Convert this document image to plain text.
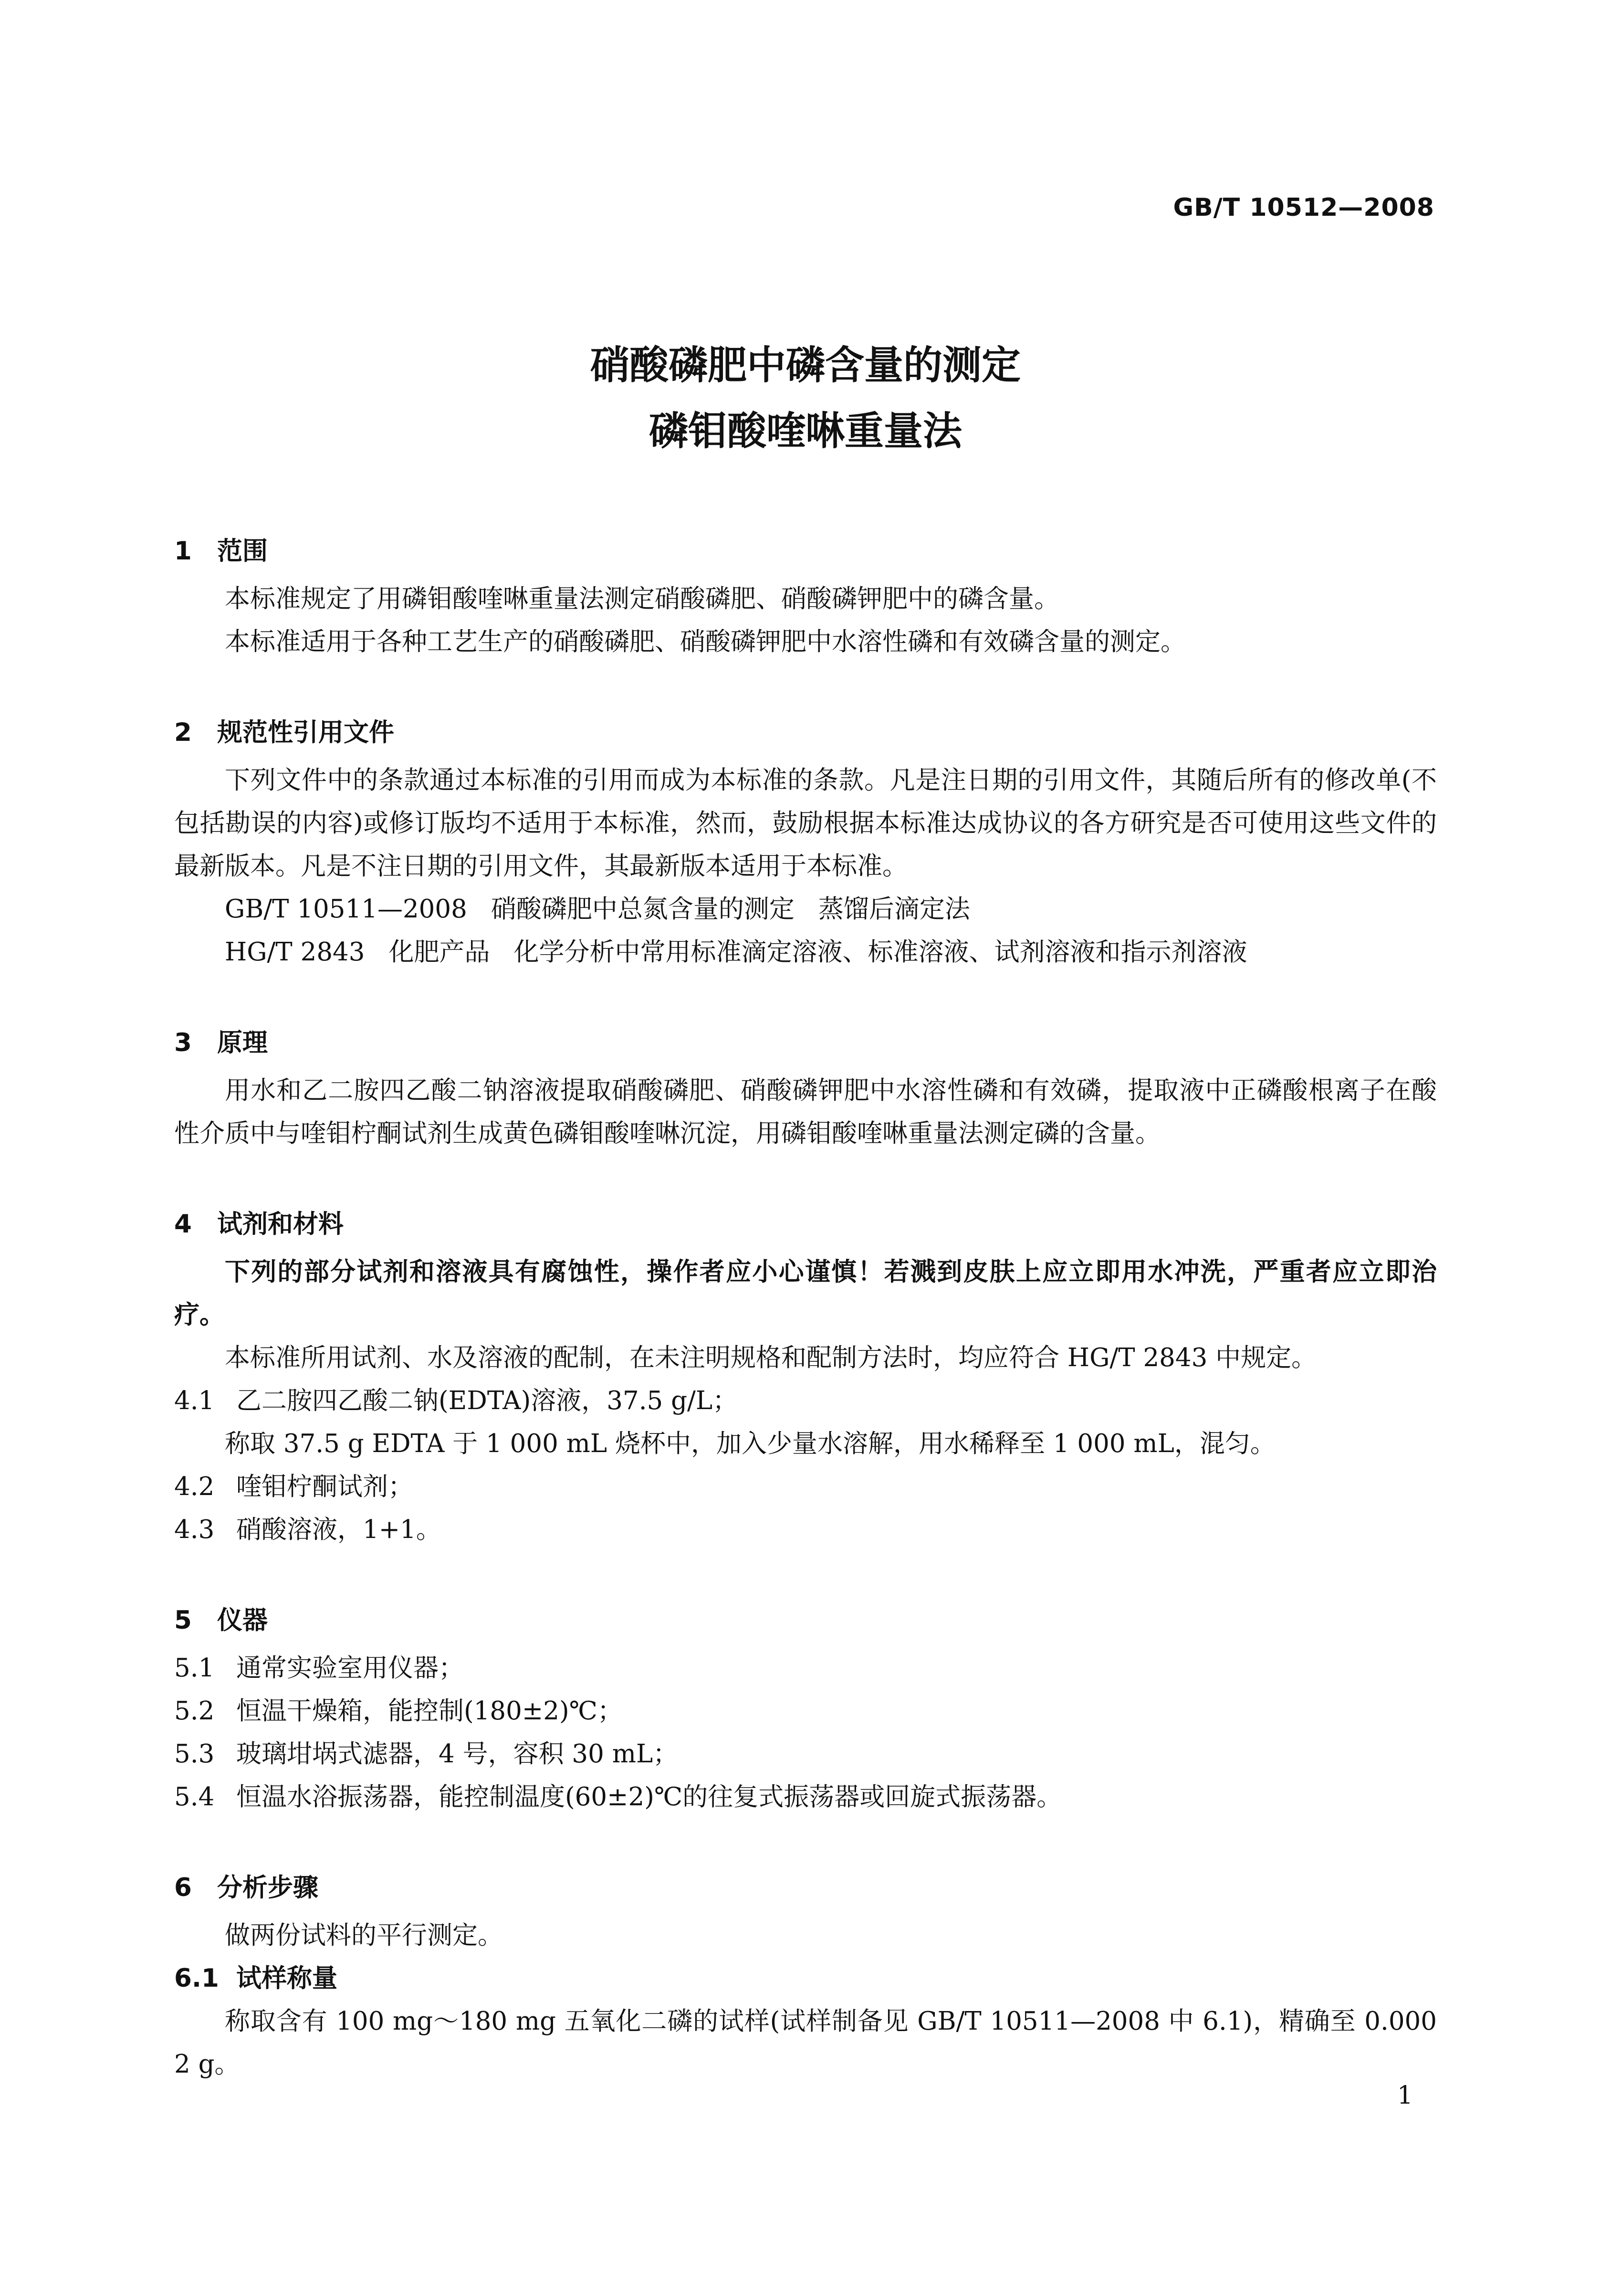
GB/T 10512—2008
硝酸磷肥中磷含量的测定
磷钼酸喹啉重量法
1 范围

本标准规定了用磷钼酸喹啉重量法测定硝酸磷肥、硝酸磷钾肥中的磷含量。

本标准适用于各种工艺生产的硝酸磷肥、硝酸磷钾肥中水溶性磷和有效磷含量的测定。

2 规范性引用文件

下列文件中的条款通过本标准的引用而成为本标准的条款。凡是注日期的引用文件，其随后所有的修改单(不包括勘误的内容)或修订版均不适用于本标准，然而，鼓励根据本标准达成协议的各方研究是否可使用这些文件的最新版本。凡是不注日期的引用文件，其最新版本适用于本标准。

GB/T 10511—2008 硝酸磷肥中总氮含量的测定 蒸馏后滴定法

HG/T 2843 化肥产品 化学分析中常用标准滴定溶液、标准溶液、试剂溶液和指示剂溶液

3 原理

用水和乙二胺四乙酸二钠溶液提取硝酸磷肥、硝酸磷钾肥中水溶性磷和有效磷，提取液中正磷酸根离子在酸性介质中与喹钼柠酮试剂生成黄色磷钼酸喹啉沉淀，用磷钼酸喹啉重量法测定磷的含量。

4 试剂和材料

下列的部分试剂和溶液具有腐蚀性，操作者应小心谨慎！若溅到皮肤上应立即用水冲洗，严重者应立即治疗。

本标准所用试剂、水及溶液的配制，在未注明规格和配制方法时，均应符合 HG/T 2843 中规定。

4.1 乙二胺四乙酸二钠(EDTA)溶液，37.5 g/L；

称取 37.5 g EDTA 于 1 000 mL 烧杯中，加入少量水溶解，用水稀释至 1 000 mL，混匀。

4.2 喹钼柠酮试剂；

4.3 硝酸溶液，1+1。

5 仪器

5.1 通常实验室用仪器；

5.2 恒温干燥箱，能控制(180±2)℃；

5.3 玻璃坩埚式滤器，4 号，容积 30 mL；

5.4 恒温水浴振荡器，能控制温度(60±2)℃的往复式振荡器或回旋式振荡器。

6 分析步骤

做两份试料的平行测定。

6.1 试样称量

称取含有 100 mg～180 mg 五氧化二磷的试样(试样制备见 GB/T 10511—2008 中 6.1)，精确至 0.000 2 g。

1
